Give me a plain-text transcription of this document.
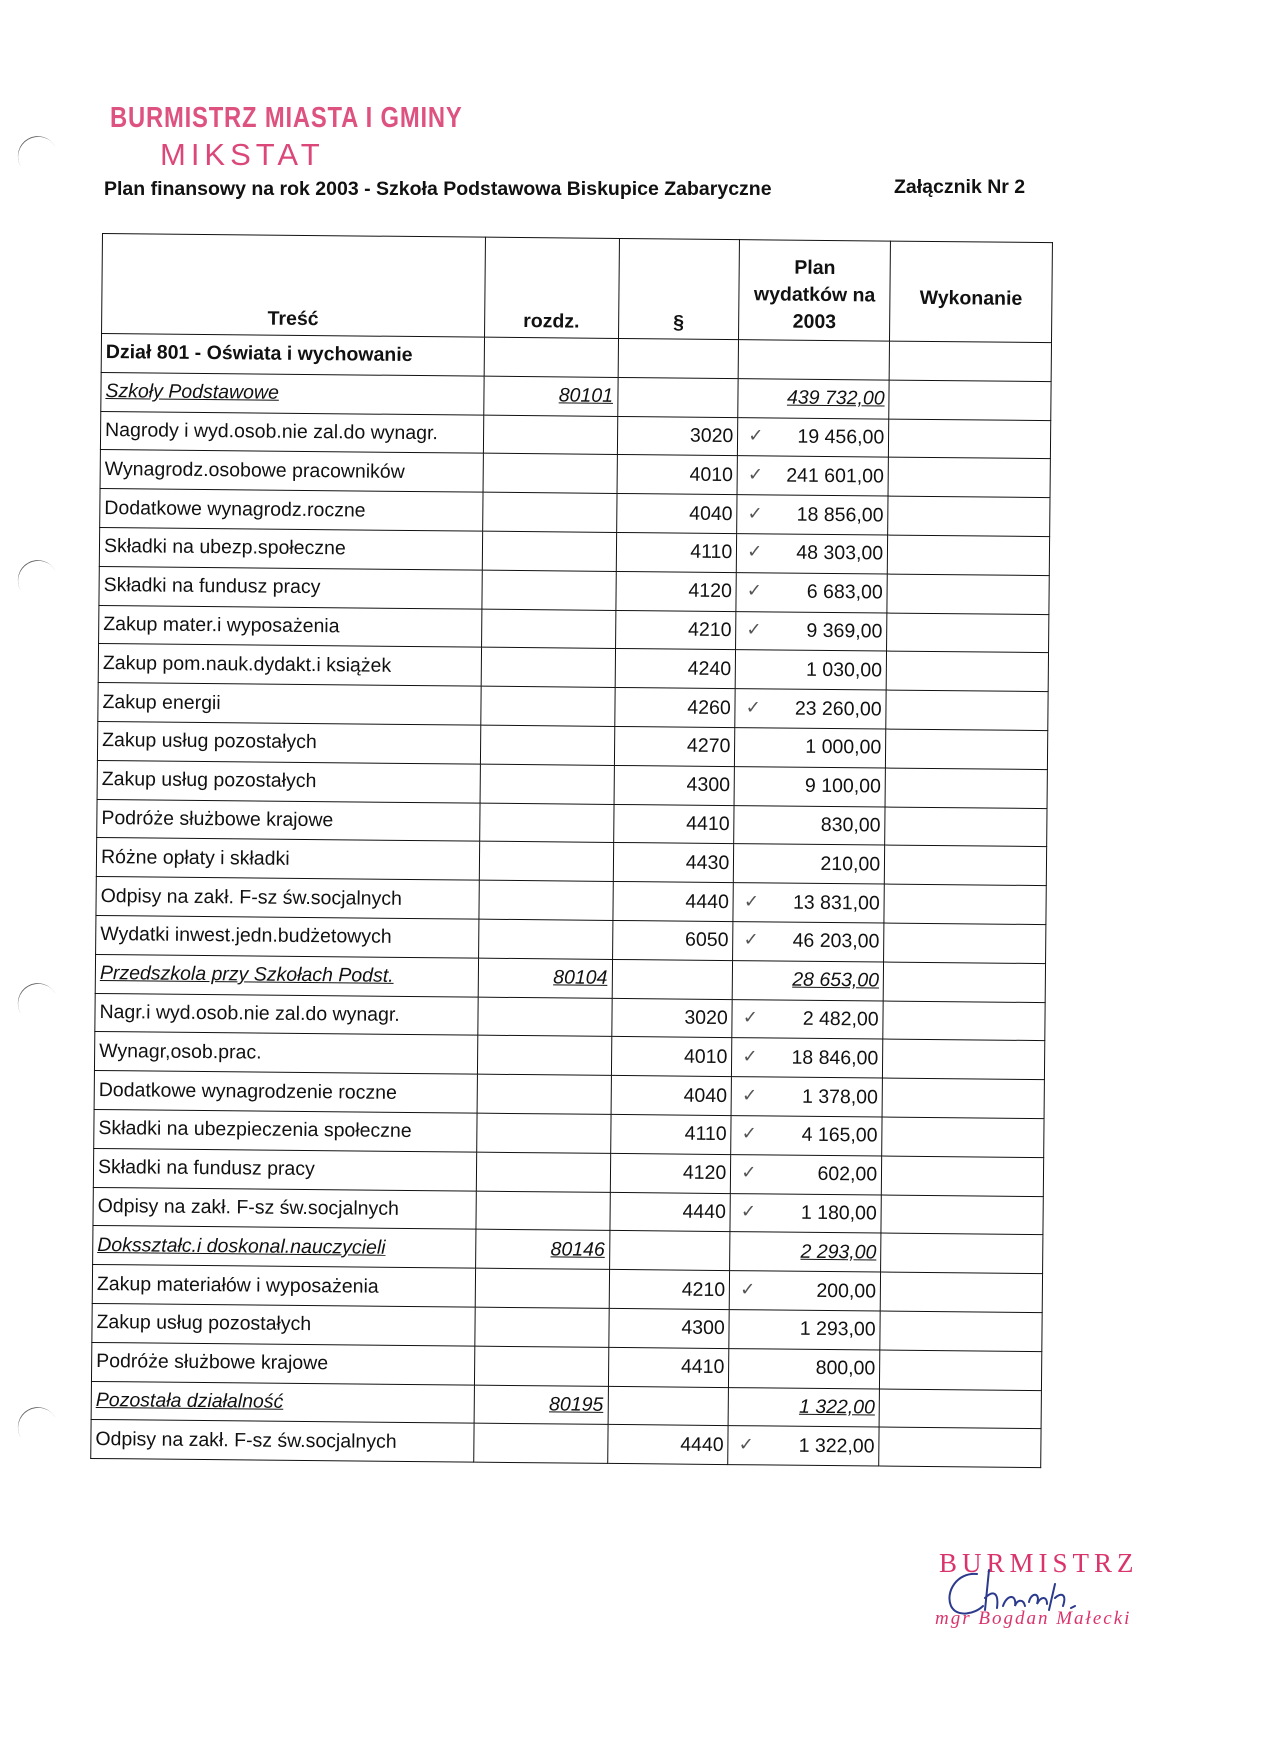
BURMISTRZ MIASTA I GMINY
MIKSTAT
Plan finansowy na rok 2003 - Szkoła Podstawowa Biskupice Zabaryczne	Załącznik Nr 2
Treść	rozdz.	§	Plan
wydatków na
2003	Wykonanie
Dział 801 - Oświata i wychowanie				
Szkoły Podstawowe	80101		439 732,00	
Nagrody i wyd.osob.nie zal.do wynagr.		3020	✓ 19 456,00	
Wynagrodz.osobowe pracowników		4010	✓ 241 601,00	
Dodatkowe wynagrodz.roczne		4040	✓ 18 856,00	
Składki na ubezp.społeczne		4110	✓ 48 303,00	
Składki na fundusz pracy		4120	✓ 6 683,00	
Zakup mater.i wyposażenia		4210	✓ 9 369,00	
Zakup pom.nauk.dydakt.i książek		4240	1 030,00	
Zakup energii		4260	✓ 23 260,00	
Zakup usług pozostałych		4270	1 000,00	
Zakup usług pozostałych		4300	9 100,00	
Podróże służbowe krajowe		4410	830,00	
Różne opłaty i składki		4430	210,00	
Odpisy na zakł. F-sz św.socjalnych		4440	✓ 13 831,00	
Wydatki inwest.jedn.budżetowych		6050	✓ 46 203,00	
Przedszkola przy Szkołach Podst.	80104		28 653,00	
Nagr.i wyd.osob.nie zal.do wynagr.		3020	✓ 2 482,00	
Wynagr,osob.prac.		4010	✓ 18 846,00	
Dodatkowe wynagrodzenie roczne		4040	✓ 1 378,00	
Składki na ubezpieczenia społeczne		4110	✓ 4 165,00	
Składki na fundusz pracy		4120	✓ 602,00	
Odpisy na zakł. F-sz św.socjalnych		4440	✓ 1 180,00	
Doksształc.i doskonal.nauczycieli	80146		2 293,00	
Zakup materiałów i wyposażenia		4210	✓ 200,00	
Zakup usług pozostałych		4300	1 293,00	
Podróże służbowe krajowe		4410	800,00	
Pozostała działalność	80195		1 322,00	
Odpisy na zakł. F-sz św.socjalnych		4440	✓ 1 322,00	
BURMISTRZ
mgr Bogdan Małecki
